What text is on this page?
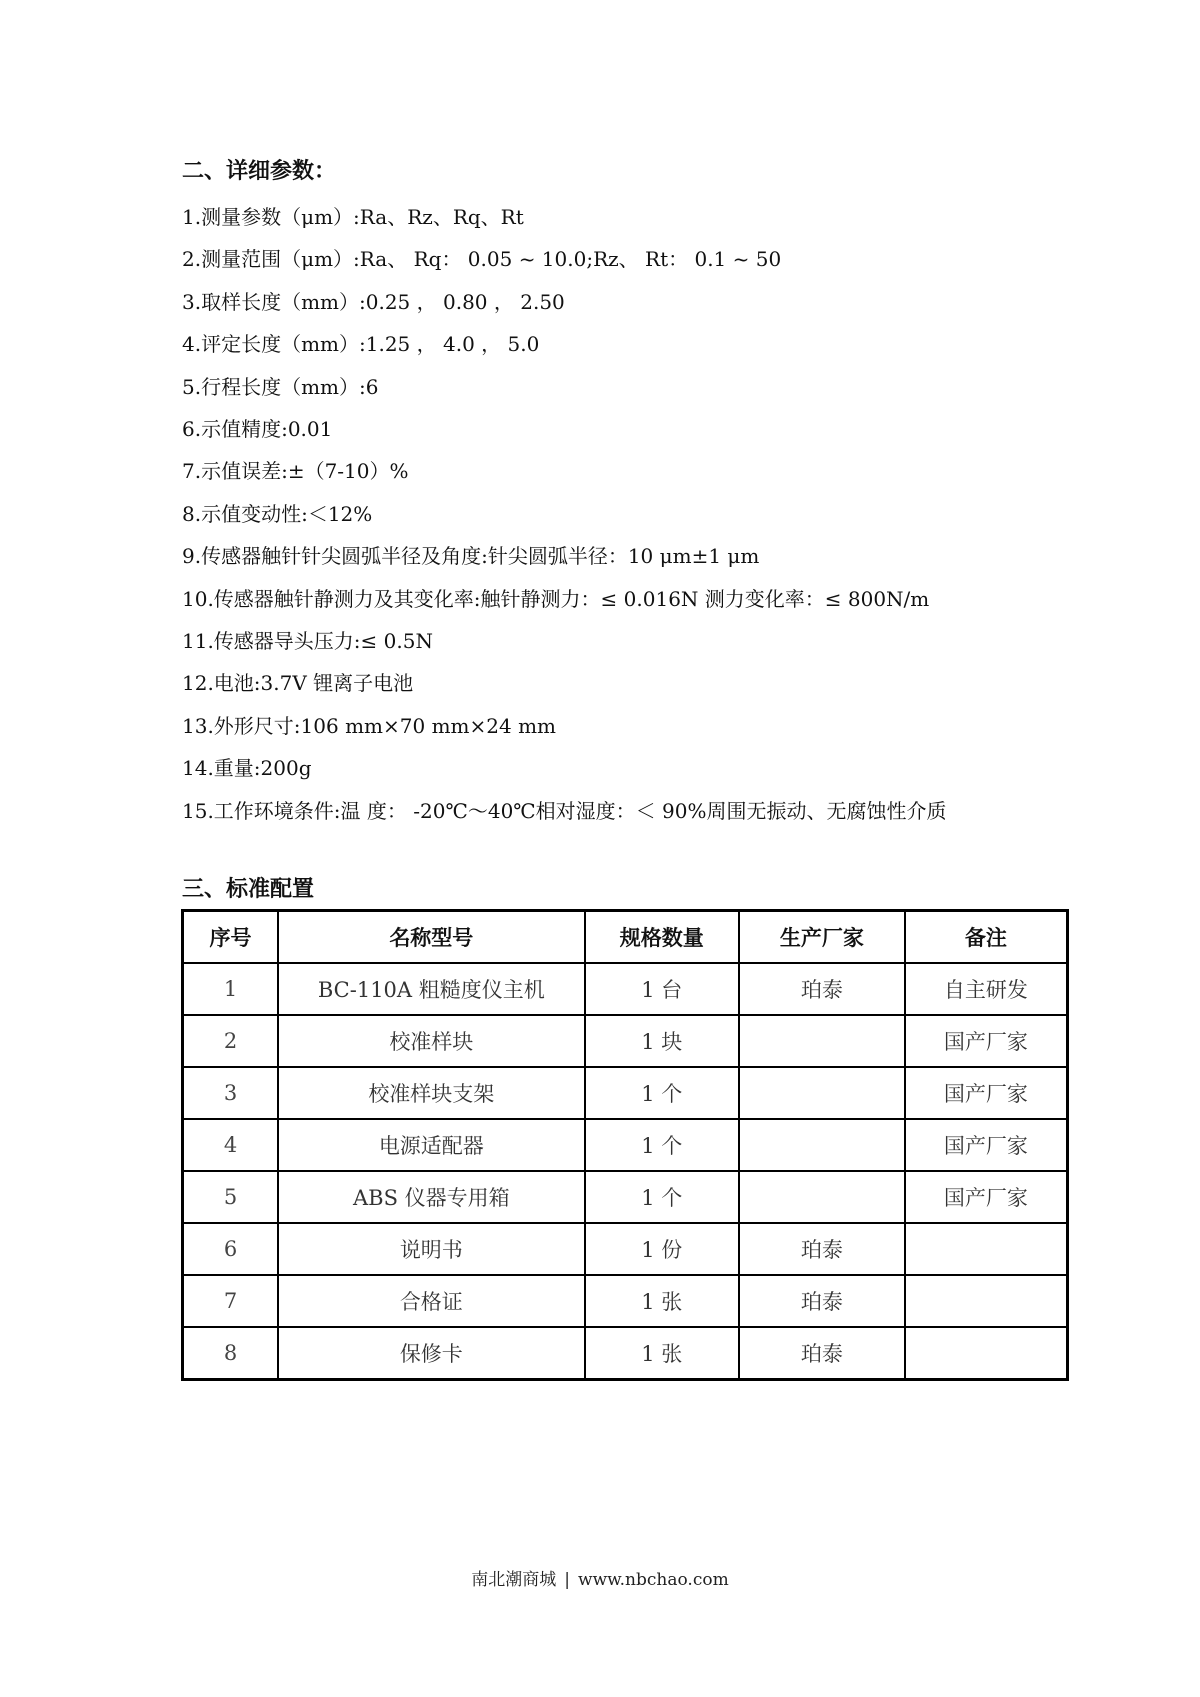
二、详细参数：
1.测量参数（μm）:Ra、Rz、Rq、Rt
2.测量范围（μm）:Ra、 Rq： 0.05 ~ 10.0;Rz、 Rt： 0.1 ~ 50
3.取样长度（mm）:0.25 ， 0.80 ， 2.50
4.评定长度（mm）:1.25 ， 4.0 ， 5.0
5.行程长度（mm）:6
6.示值精度:0.01
7.示值误差:±（7-10）%
8.示值变动性:＜12%
9.传感器触针针尖圆弧半径及角度:针尖圆弧半径：10 μm±1 μm
10.传感器触针静测力及其变化率:触针静测力：≤ 0.016N 测力变化率：≤ 800N/m
11.传感器导头压力:≤ 0.5N
12.电池:3.7V 锂离子电池
13.外形尺寸:106 mm×70 mm×24 mm
14.重量:200g
15.工作环境条件:温 度： -20℃～40℃相对湿度：＜ 90%周围无振动、无腐蚀性介质
三、标准配置
序号	名称型号	规格数量	生产厂家	备注
1	BC-110A 粗糙度仪主机	1 台	珀泰	自主研发
2	校准样块	1 块		国产厂家
3	校准样块支架	1 个		国产厂家
4	电源适配器	1 个		国产厂家
5	ABS 仪器专用箱	1 个		国产厂家
6	说明书	1 份	珀泰	
7	合格证	1 张	珀泰	
8	保修卡	1 张	珀泰	
南北潮商城 | www.nbchao.com
